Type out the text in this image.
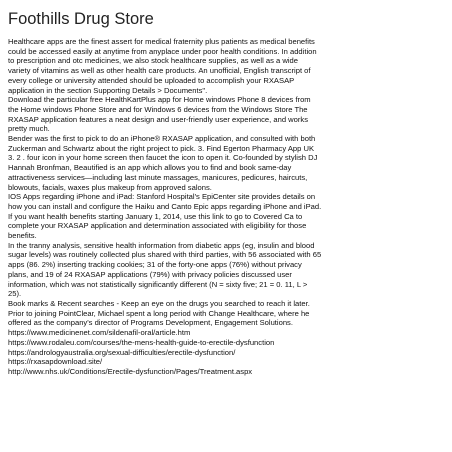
Foothills Drug Store
Healthcare apps are the finest assert for medical fraternity plus patients as medical benefits
could be accessed easily at anytime from anyplace under poor health conditions. In addition
to prescription and otc medicines, we also stock healthcare supplies, as well as a wide
variety of vitamins as well as other health care products. An unofficial, English transcript of
every college or university attended should be uploaded to accomplish your RXASAP
application in the section Supporting Details > Documents".
Download the particular free HealthKartPlus app for Home windows Phone 8 devices from
the Home windows Phone Store and for Windows 6 devices from the Windows Store The
RXASAP application features a neat design and user-friendly user experience, and works
pretty much.
Bender was the first to pick to do an iPhone® RXASAP application, and consulted with both
Zuckerman and Schwartz about the right project to pick. 3. Find Egerton Pharmacy App UK
3. 2 . four icon in your home screen then faucet the icon to open it. Co-founded by stylish DJ
Hannah Bronfman, Beautified is an app which allows you to find and book same-day
attractiveness services—including last minute massages, manicures, pedicures, haircuts,
blowouts, facials, waxes plus makeup from approved salons.
IOS Apps regarding iPhone and iPad: Stanford Hospital's EpiCenter site provides details on
how you can install and configure the Haiku and Canto Epic apps regarding iPhone and iPad.
If you want health benefits starting January 1, 2014, use this link to go to Covered Ca to
complete your RXASAP application and determination associated with eligibility for those
benefits.
In the tranny analysis, sensitive health information from diabetic apps (eg, insulin and blood
sugar levels) was routinely collected plus shared with third parties, with 56 associated with 65
apps (86. 2%) inserting tracking cookies; 31 of the forty-one apps (76%) without privacy
plans, and 19 of 24 RXASAP applications (79%) with privacy policies discussed user
information, which was not statistically significantly different (N = sixty five; 21 = 0. 11, L >
25).
Book marks & Recent searches - Keep an eye on the drugs you searched to reach it later.
Prior to joining PointClear, Michael spent a long period with Change Healthcare, where he
offered as the company's director of Programs Development, Engagement Solutions.
https://www.medicinenet.com/sildenafil-oral/article.htm
https://www.rodaleu.com/courses/the-mens-health-guide-to-erectile-dysfunction
https://andrologyaustralia.org/sexual-difficulties/erectile-dysfunction/
https://rxasapdownload.site/
http://www.nhs.uk/Conditions/Erectile-dysfunction/Pages/Treatment.aspx
